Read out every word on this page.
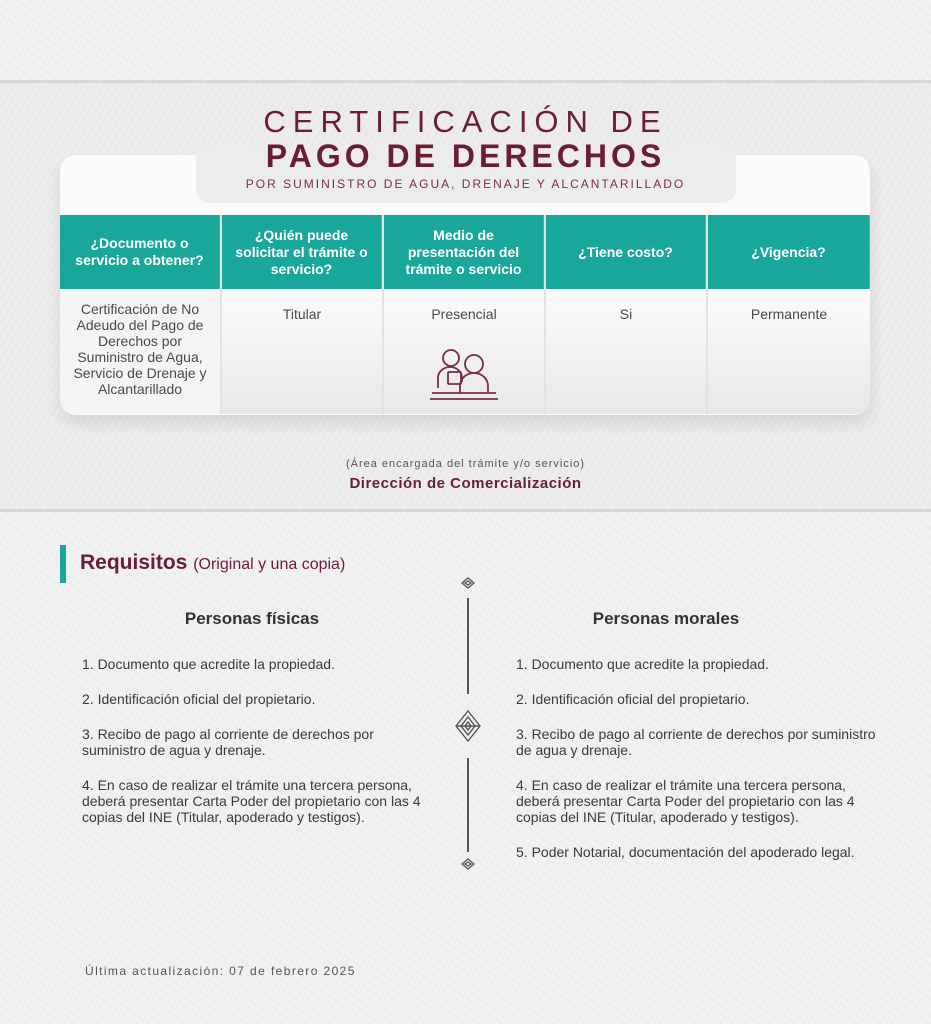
CERTIFICACIÓN DE
PAGO DE DERECHOS
POR SUMINISTRO DE AGUA, DRENAJE Y ALCANTARILLADO
¿Documento o servicio a obtener?
Certificación de No Adeudo del Pago de Derechos por Suministro de Agua, Servicio de Drenaje y Alcantarillado
¿Quién puede solicitar el trámite o servicio?
Titular
Medio de presentación del trámite o servicio
Presencial
¿Tiene costo?
Si
¿Vigencia?
Permanente
(Área encargada del trámite y/o servicio)
Dirección de Comercialización
Requisitos (Original y una copia)
Personas físicas

1. Documento que acredite la propiedad.

2. Identificación oficial del propietario.

3. Recibo de pago al corriente de derechos por suministro de agua y drenaje.

4. En caso de realizar el trámite una tercera persona, deberá presentar Carta Poder del propietario con las 4 copias del INE (Titular, apoderado y testigos).

Personas morales

1. Documento que acredite la propiedad.

2. Identificación oficial del propietario.

3. Recibo de pago al corriente de derechos por suministro de agua y drenaje.

4. En caso de realizar el trámite una tercera persona, deberá presentar Carta Poder del propietario con las 4 copias del INE (Titular, apoderado y testigos).

5. Poder Notarial, documentación del apoderado legal.

Última actualización: 07 de febrero 2025
